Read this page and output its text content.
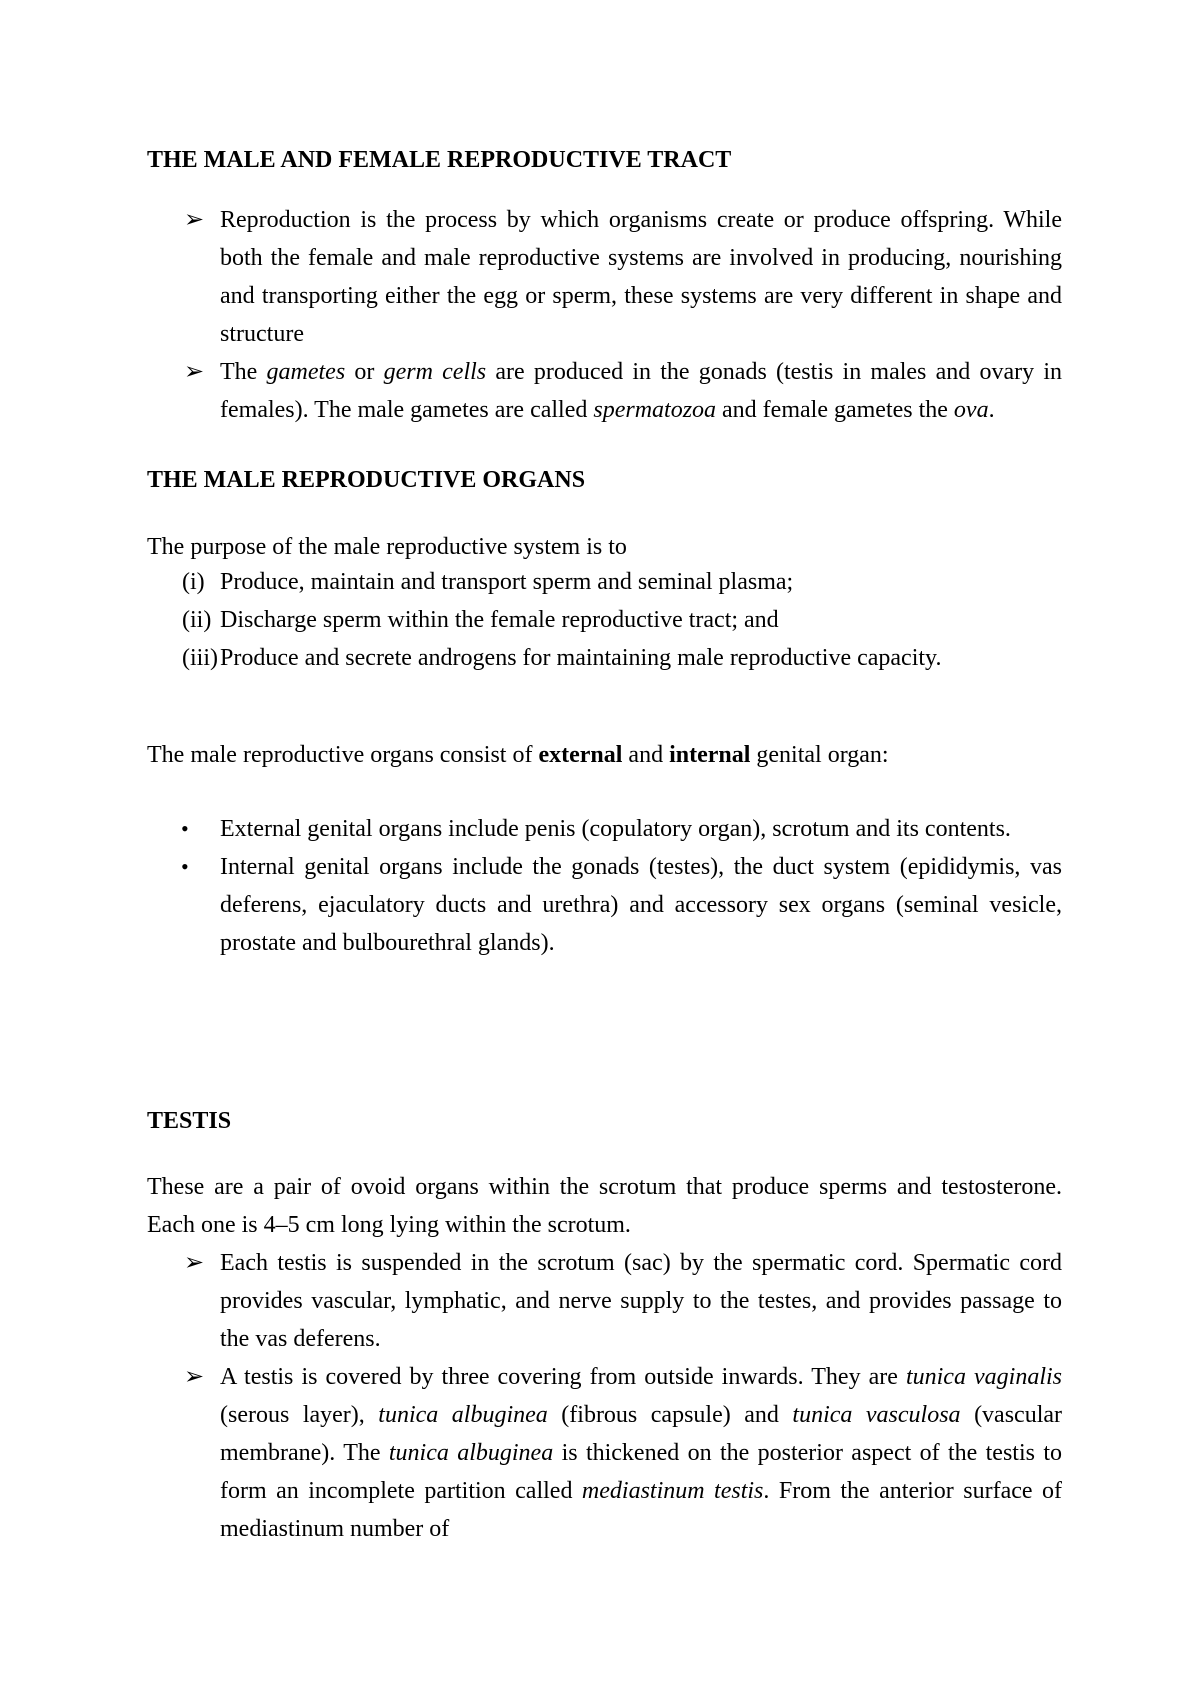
THE MALE AND FEMALE REPRODUCTIVE TRACT
➢ Reproduction is the process by which organisms create or produce offspring. While both the female and male reproductive systems are involved in producing, nourishing and transporting either the egg or sperm, these systems are very different in shape and structure
➢ The gametes or germ cells are produced in the gonads (testis in males and ovary in females). The male gametes are called spermatozoa and female gametes the ova.
THE MALE REPRODUCTIVE ORGANS

The purpose of the male reproductive system is to

(i) Produce, maintain and transport sperm and seminal plasma;
(ii) Discharge sperm within the female reproductive tract; and
(iii) Produce and secrete androgens for maintaining male reproductive capacity.

The male reproductive organs consist of external and internal genital organ:

• External genital organs include penis (copulatory organ), scrotum and its contents.
• Internal genital organs include the gonads (testes), the duct system (epididymis, vas deferens, ejaculatory ducts and urethra) and accessory sex organs (seminal vesicle, prostate and bulbourethral glands).
TESTIS

These are a pair of ovoid organs within the scrotum that produce sperms and testosterone. Each one is 4–5 cm long lying within the scrotum.

➢ Each testis is suspended in the scrotum (sac) by the spermatic cord. Spermatic cord provides vascular, lymphatic, and nerve supply to the testes, and provides passage to the vas deferens.
➢ A testis is covered by three covering from outside inwards. They are tunica vaginalis (serous layer), tunica albuginea (fibrous capsule) and tunica vasculosa (vascular membrane). The tunica albuginea is thickened on the posterior aspect of the testis to form an incomplete partition called mediastinum testis. From the anterior surface of mediastinum number of
